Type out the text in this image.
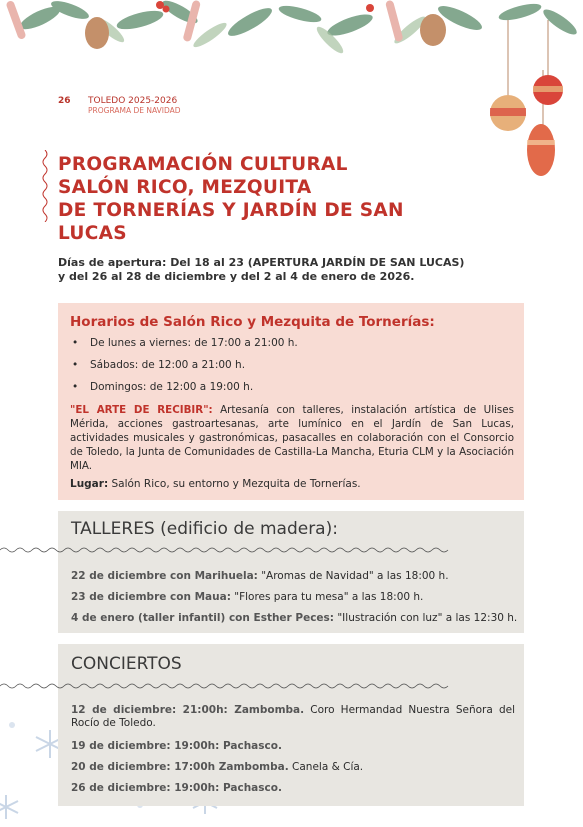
26 TOLEDO 2025-2026
PROGRAMA DE NAVIDAD
PROGRAMACIÓN CULTURAL
SALÓN RICO, MEZQUITA
DE TORNERÍAS Y JARDÍN DE SAN
LUCAS
Días de apertura: Del 18 al 23 (APERTURA JARDÍN DE SAN LUCAS)
y del 26 al 28 de diciembre y del 2 al 4 de enero de 2026.
Horarios de Salón Rico y Mezquita de Tornerías:
• De lunes a viernes: de 17:00 a 21:00 h.
• Sábados: de 12:00 a 21:00 h.
• Domingos: de 12:00 a 19:00 h.
"EL ARTE DE RECIBIR": Artesanía con talleres, instalación artística de Ulises Mérida, acciones gastroartesanas, arte lumínico en el Jardín de San Lucas, actividades musicales y gastronómicas, pasacalles en colaboración con el Consorcio de Toledo, la Junta de Comunidades de Castilla-La Mancha, Eturia CLM y la Asociación MIA.
Lugar: Salón Rico, su entorno y Mezquita de Tornerías.
TALLERES (edificio de madera):
22 de diciembre con Marihuela: "Aromas de Navidad" a las 18:00 h.
23 de diciembre con Maua: "Flores para tu mesa" a las 18:00 h.
4 de enero (taller infantil) con Esther Peces: "Ilustración con luz" a las 12:30 h.
CONCIERTOS
12 de diciembre: 21:00h: Zambomba. Coro Hermandad Nuestra Señora del Rocío de Toledo.
19 de diciembre: 19:00h: Pachasco.
20 de diciembre: 17:00h Zambomba. Canela & Cía.
26 de diciembre: 19:00h: Pachasco.
